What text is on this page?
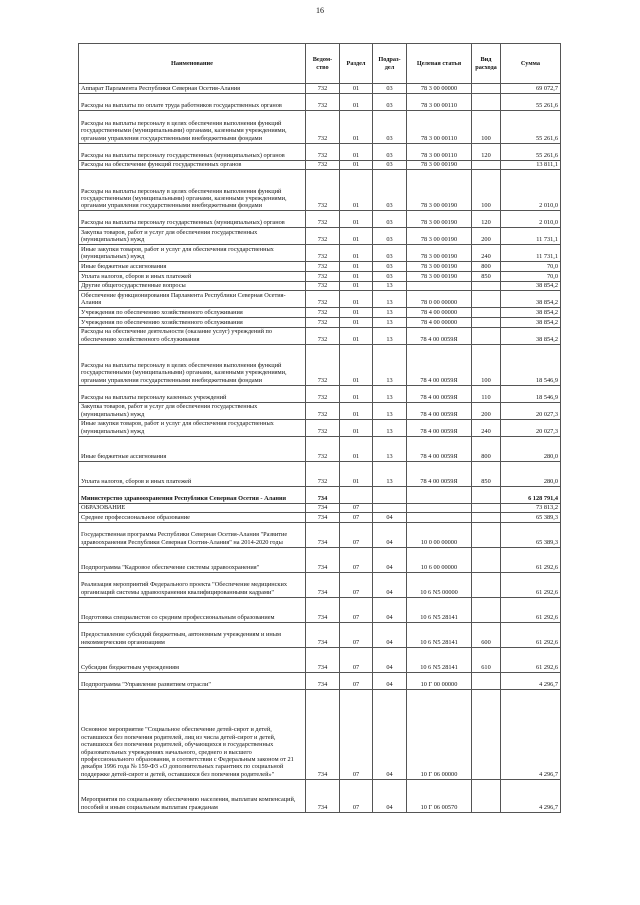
16
Наименование	Ведом-ство	Раздел	Подраз-дел	Целевая статья	Вид расхода	Сумма
Аппарат Парламента Республики Северная Осетия-Алания	732	01	03	78 3 00 00000		69 072,7
Расходы на выплаты по оплате труда работников государственных органов	732	01	03	78 3 00 00110		55 261,6
Расходы на выплаты персоналу в целях обеспечения выполнения функций государственными (муниципальными) органами, казенными учреждениями, органами управления государственными внебюджетными фондами	732	01	03	78 3 00 00110	100	55 261,6
Расходы на выплаты персоналу государственных (муниципальных) органов	732	01	03	78 3 00 00110	120	55 261,6
Расходы на обеспечение функций государственных органов	732	01	03	78 3 00 00190		13 811,1
Расходы на выплаты персоналу в целях обеспечения выполнения функций государственными (муниципальными) органами, казенными учреждениями, органами управления государственными внебюджетными фондами	732	01	03	78 3 00 00190	100	2 010,0
Расходы на выплаты персоналу государственных (муниципальных) органов	732	01	03	78 3 00 00190	120	2 010,0
Закупка товаров, работ и услуг для обеспечения государственных (муниципальных) нужд	732	01	03	78 3 00 00190	200	11 731,1
Иные закупки товаров, работ и услуг для обеспечения государственных (муниципальных) нужд	732	01	03	78 3 00 00190	240	11 731,1
Иные бюджетные ассигнования	732	01	03	78 3 00 00190	800	70,0
Уплата налогов, сборов и иных платежей	732	01	03	78 3 00 00190	850	70,0
Другие общегосударственные вопросы	732	01	13			38 854,2
Обеспечение функционирования Парламента Республики Северная Осетия-Алания	732	01	13	78 0 00 00000		38 854,2
Учреждения по обеспечению хозяйственного обслуживания	732	01	13	78 4 00 00000		38 854,2
Учреждения по обеспечению хозяйственного обслуживания	732	01	13	78 4 00 00000		38 854,2
Расходы на обеспечение деятельности (оказание услуг) учреждений по обеспечению хозяйственного обслуживания	732	01	13	78 4 00 0059Я		38 854,2
Расходы на выплаты персоналу в целях обеспечения выполнения функций государственными (муниципальными) органами, казенными учреждениями, органами управления государственными внебюджетными фондами	732	01	13	78 4 00 0059Я	100	18 546,9
Расходы на выплаты персоналу казенных учреждений	732	01	13	78 4 00 0059Я	110	18 546,9
Закупка товаров, работ и услуг для обеспечения государственных (муниципальных) нужд	732	01	13	78 4 00 0059Я	200	20 027,3
Иные закупки товаров, работ и услуг для обеспечения государственных (муниципальных) нужд	732	01	13	78 4 00 0059Я	240	20 027,3
Иные бюджетные ассигнования	732	01	13	78 4 00 0059Я	800	280,0
Уплата налогов, сборов и иных платежей	732	01	13	78 4 00 0059Я	850	280,0
Министерство здравоохранения Республики Северная Осетия - Алания	734					6 128 791,4
ОБРАЗОВАНИЕ	734	07				73 813,2
Среднее профессиональное образование	734	07	04			65 389,3
Государственная программа Республики Северная Осетия-Алания "Развитие здравоохранения Республики Северная Осетия-Алания" на 2014-2020 годы	734	07	04	10 0 00 00000		65 389,3
Подпрограмма "Кадровое обеспечение системы здравоохранения"	734	07	04	10 6 00 00000		61 292,6
Реализация мероприятий Федерального проекта "Обеспечение медицинских организаций системы здравоохранения квалифицированными кадрами"	734	07	04	10 6 N5 00000		61 292,6
Подготовка специалистов со средним профессиональным образованием	734	07	04	10 6 N5 28141		61 292,6
Предоставление субсидий бюджетным, автономным учреждениям и иным некоммерческим организациям	734	07	04	10 6 N5 28141	600	61 292,6
Субсидии бюджетным учреждениям	734	07	04	10 6 N5 28141	610	61 292,6
Подпрограмма "Управление развитием отрасли"	734	07	04	10 Г 00 00000		4 296,7
Основное мероприятие "Социальное обеспечение детей-сирот и детей, оставшихся без попечения родителей, лиц из числа детей-сирот и детей, оставшихся без попечения родителей, обучающихся в государственных образовательных учреждениях начального, среднего и высшего профессионального образования, в соответствии с Федеральным законом от 21 декабря 1996 года № 159-ФЗ «О дополнительных гарантиях по социальной поддержке детей-сирот и детей, оставшихся без попечения родителей»"	734	07	04	10 Г 06 00000		4 296,7
Мероприятия по социальному обеспечению населения, выплатам компенсаций, пособий и иным социальным выплатам гражданам	734	07	04	10 Г 06 00570		4 296,7
